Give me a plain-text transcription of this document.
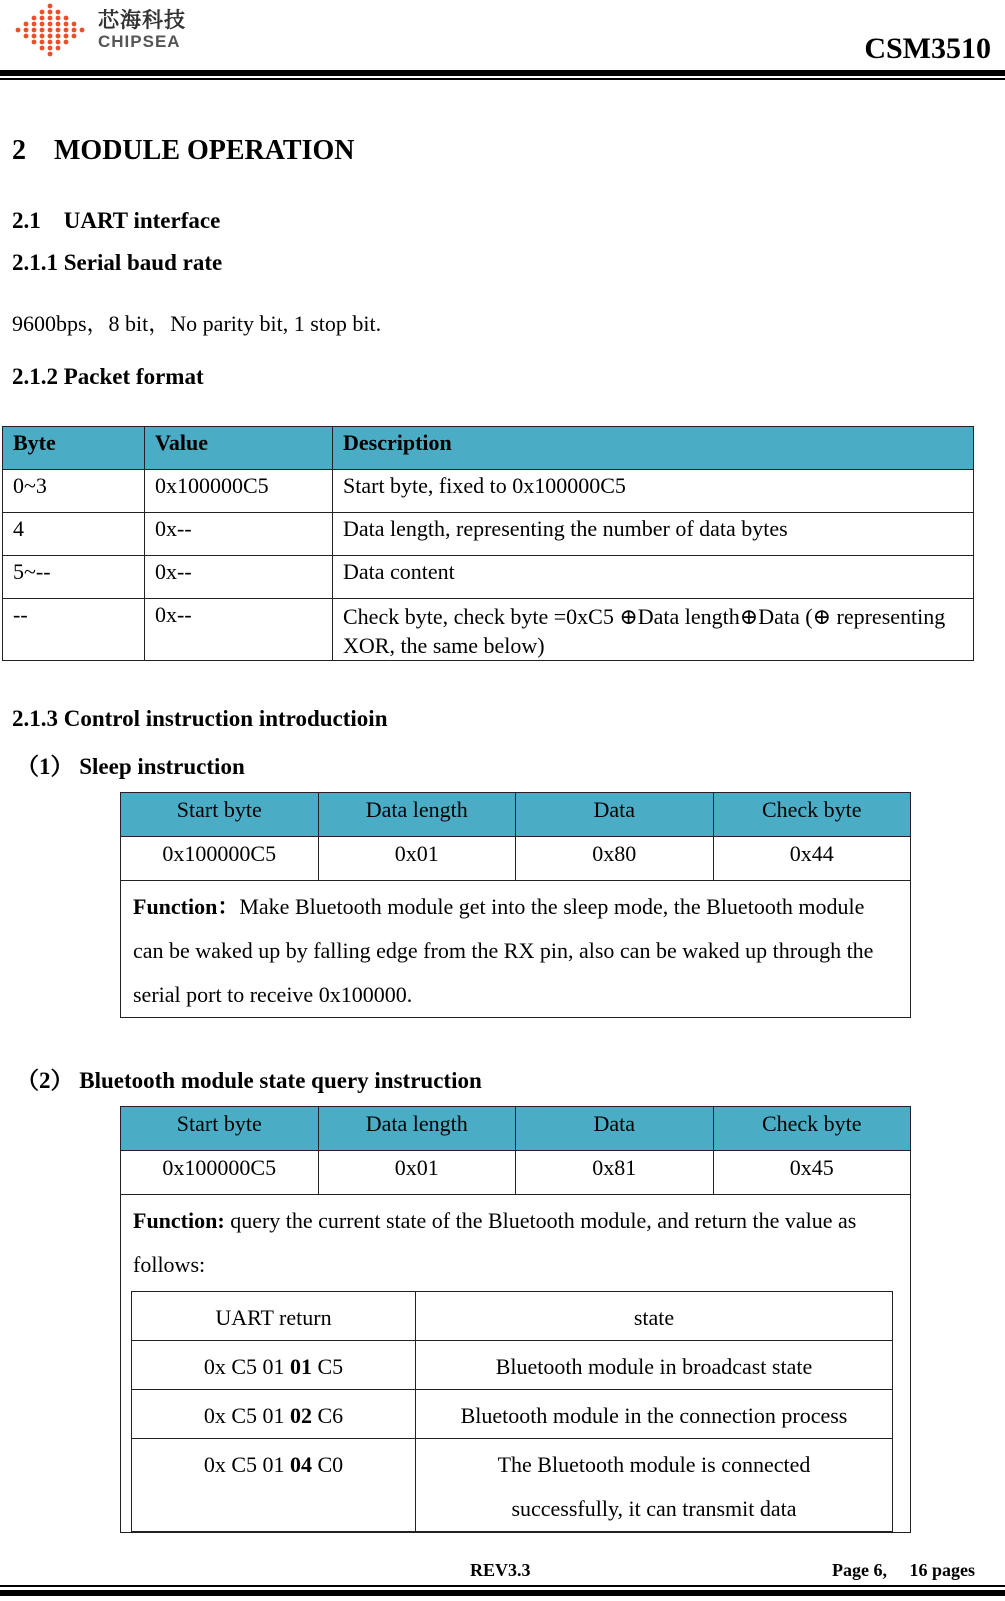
芯海科技
CHIPSEA	CSM3510
2 MODULE OPERATION
2.1 UART interface
2.1.1 Serial baud rate
9600bps，8 bit，No parity bit, 1 stop bit.
2.1.2 Packet format
Byte	Value	Description
0~3	0x100000C5	Start byte, fixed to 0x100000C5
4	0x--	Data length, representing the number of data bytes
5~--	0x--	Data content
--	0x--	Check byte, check byte =0xC5 ⊕Data length⊕Data (⊕ representing XOR, the same below)
2.1.3 Control instruction introductioin
（1） Sleep instruction
Start byte	Data length	Data	Check byte
0x100000C5	0x01	0x80	0x44
Function：Make Bluetooth module get into the sleep mode, the Bluetooth module can be waked up by falling edge from the RX pin, also can be waked up through the serial port to receive 0x100000.			
（2） Bluetooth module state query instruction
Start byte	Data length	Data	Check byte
0x100000C5	0x01	0x81	0x45

Function: query the current state of the Bluetooth module, and return the value as follows:
UART return	state
0x C5 01 01 C5	Bluetooth module in broadcast state
0x C5 01 02 C6	Bluetooth module in the connection process
0x C5 01 04 C0	The Bluetooth module is connected successfully, it can transmit data
REV3.3	Page 6,  16 pages
